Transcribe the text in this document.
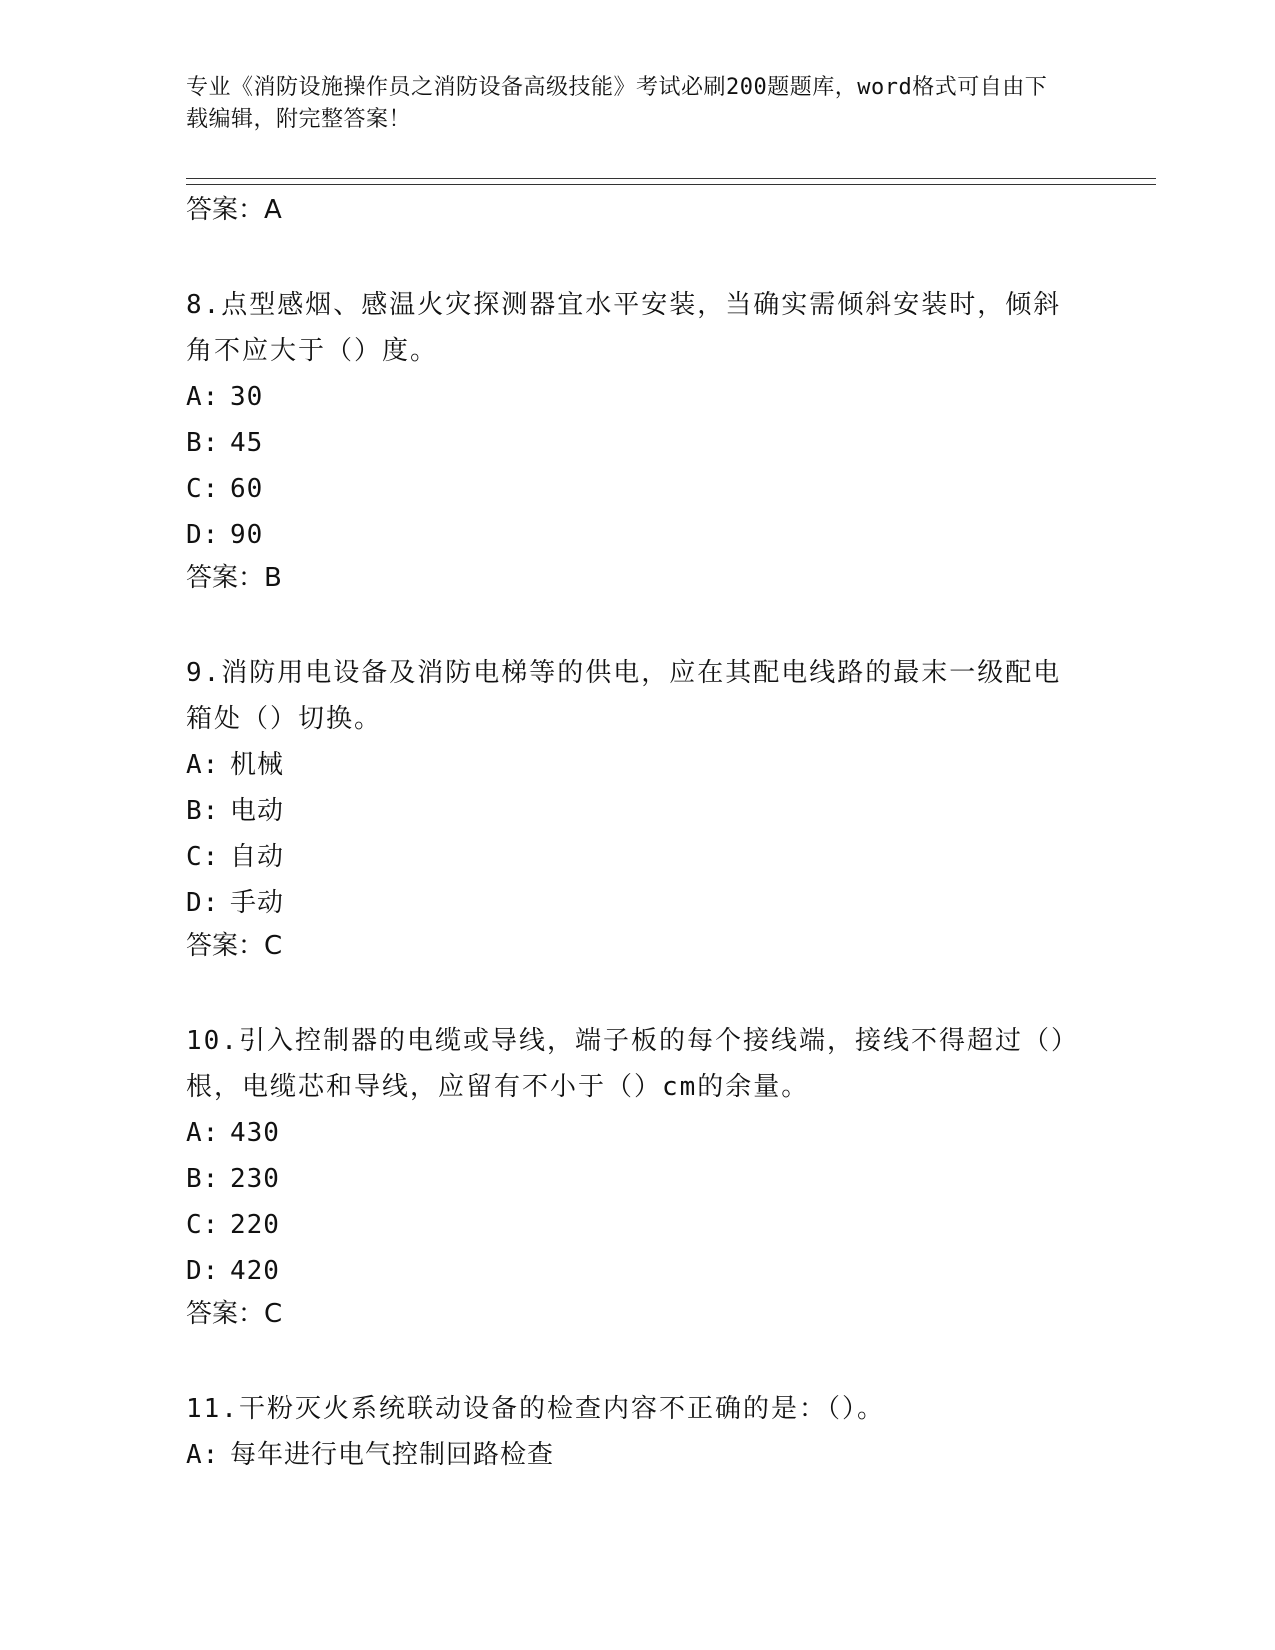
专业《消防设施操作员之消防设备高级技能》考试必刷200题题库，word格式可自由下载编辑，附完整答案！

答案：A

8.点型感烟、感温火灾探测器宜水平安装，当确实需倾斜安装时，倾斜角不应大于（）度。

A: 30

B: 45

C: 60

D: 90

答案：B

9.消防用电设备及消防电梯等的供电，应在其配电线路的最末一级配电箱处（）切换。

A: 机械

B: 电动

C: 自动

D: 手动

答案：C

10.引入控制器的电缆或导线，端子板的每个接线端，接线不得超过（）根，电缆芯和导线，应留有不小于（）cm的余量。

A: 430

B: 230

C: 220

D: 420

答案：C

11.干粉灭火系统联动设备的检查内容不正确的是：（）。

A: 每年进行电气控制回路检查
